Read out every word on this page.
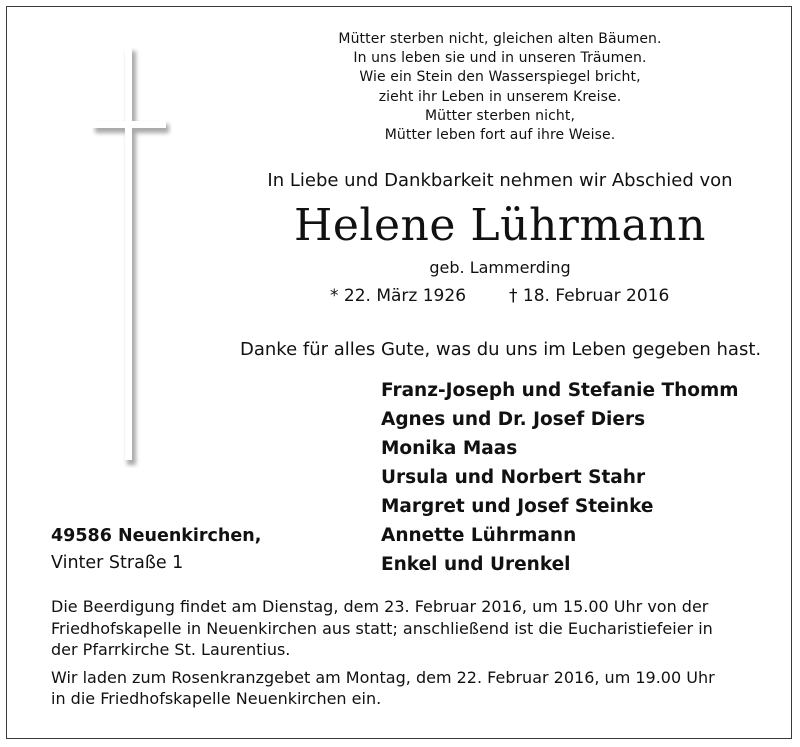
Mütter sterben nicht, gleichen alten Bäumen.
In uns leben sie und in unseren Träumen.
Wie ein Stein den Wasserspiegel bricht,
zieht ihr Leben in unserem Kreise.
Mütter sterben nicht,
Mütter leben fort auf ihre Weise.
In Liebe und Dankbarkeit nehmen wir Abschied von
Helene Lührmann
geb. Lammerding
* 22. März 1926	† 18. Februar 2016
Danke für alles Gute, was du uns im Leben gegeben hast.
Franz-Joseph und Stefanie Thomm
Agnes und Dr. Josef Diers
Monika Maas
Ursula und Norbert Stahr
Margret und Josef Steinke
Annette Lührmann
Enkel und Urenkel
49586 Neuenkirchen,
Vinter Straße 1
Die Beerdigung findet am Dienstag, dem 23. Februar 2016, um 15.00 Uhr von der
Friedhofskapelle in Neuenkirchen aus statt; anschließend ist die Eucharistiefeier in
der Pfarrkirche St. Laurentius.
Wir laden zum Rosenkranzgebet am Montag, dem 22. Februar 2016, um 19.00 Uhr
in die Friedhofskapelle Neuenkirchen ein.
